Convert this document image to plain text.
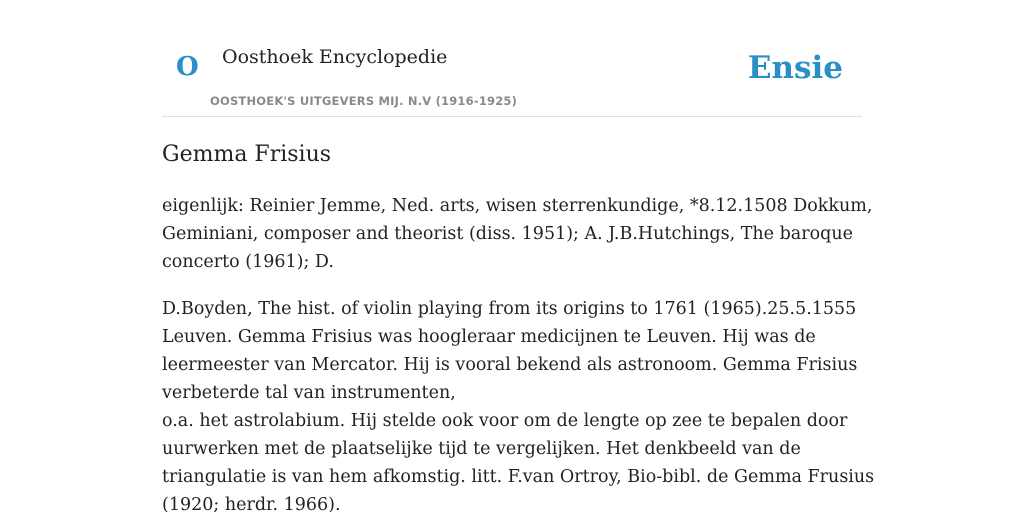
O Oosthoek Encyclopedie
OOSTHOEK'S UITGEVERS MIJ. N.V (1916-1925)
Ensie
Gemma Frisius

eigenlijk: Reinier Jemme, Ned. arts, wisen sterrenkundige, *8.12.1508 Dokkum,
Geminiani, composer and theorist (diss. 1951); A. J.B.Hutchings, The baroque
concerto (1961); D.

D.Boyden, The hist. of violin playing from its origins to 1761 (1965).25.5.1555
Leuven. Gemma Frisius was hoogleraar medicijnen te Leuven. Hij was de
leermeester van Mercator. Hij is vooral bekend als astronoom. Gemma Frisius
verbeterde tal van instrumenten,
o.a. het astrolabium. Hij stelde ook voor om de lengte op zee te bepalen door
uurwerken met de plaatselijke tijd te vergelijken. Het denkbeeld van de
triangulatie is van hem afkomstig. litt. F.van Ortroy, Bio-bibl. de Gemma Frusius
(1920; herdr. 1966).
